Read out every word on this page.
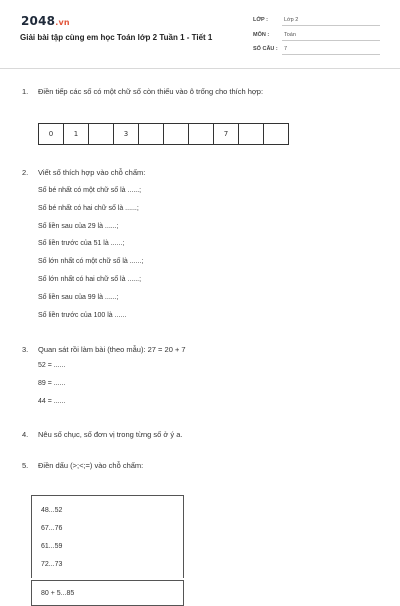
2048.vn
Giải bài tập cùng em học Toán lớp 2 Tuần 1 - Tiết 1
LỚP :	Lớp 2
MÔN :	Toán
SỐ CÂU : 7
1. Điền tiếp các số có một chữ số còn thiếu vào ô trống cho thích hợp:
0	1		3				7		
2. Viết số thích hợp vào chỗ chấm:
Số bé nhất có một chữ số là ......;
Số bé nhất có hai chữ số là ......;
Số liền sau của 29 là ......;
Số liền trước của 51 là ......;
Số lớn nhất có một chữ số là ......;
Số lớn nhất có hai chữ số là ......;
Số liền sau của 99 là ......;
Số liền trước của 100 là ......
3. Quan sát rồi làm bài (theo mẫu): 27 = 20 + 7
52 = ......
89 = ......
44 = ......
4. Nêu số chục, số đơn vị trong từng số ở ý a.
5. Điền dấu (>;<;=) vào chỗ chấm:
48...52
67...76
61...59
72...73
80 + 5...85
